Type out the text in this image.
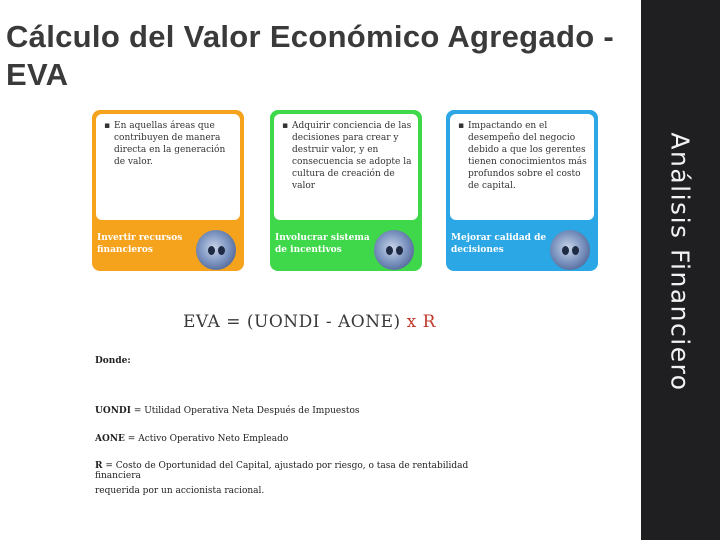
Cálculo del Valor Económico Agregado -EVA
Análisis Financiero
▪ En aquellas áreas que contribuyen de manera directa en la generación de valor.
Invertir recursos financieros
▪ Adquirir conciencia de las decisiones para crear y destruir valor, y en consecuencia se adopte la cultura de creación de valor
Involucrar sistema de incentivos
▪ Impactando en el desempeño del negocio debido a que los gerentes tienen conocimientos más profundos sobre el costo de capital.
Mejorar calidad de decisiones
EVA = (UONDI - AONE) x R
Donde:
UONDI = Utilidad Operativa Neta Después de Impuestos
AONE = Activo Operativo Neto Empleado
R = Costo de Oportunidad del Capital, ajustado por riesgo, o tasa de rentabilidad financiera
requerida por un accionista racional.
